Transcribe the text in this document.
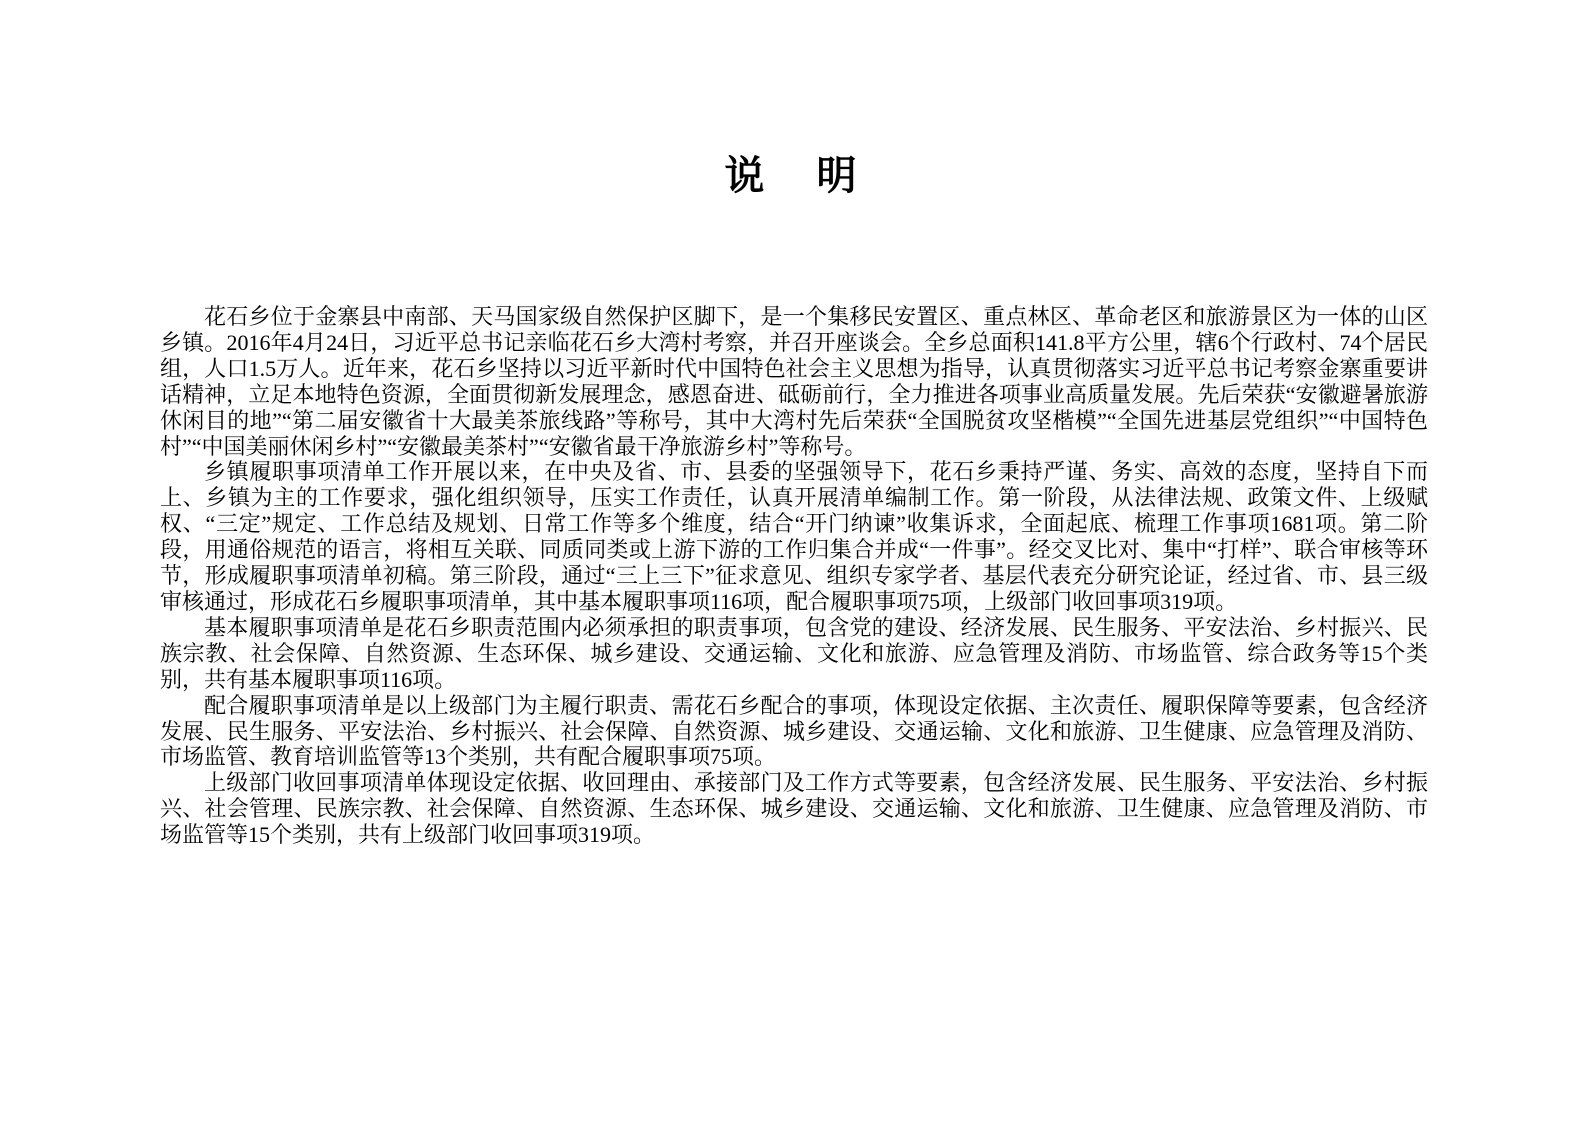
说　明

花石乡位于金寨县中南部、天马国家级自然保护区脚下，是一个集移民安置区、重点林区、革命老区和旅游景区为一体的山区乡镇。2016年4月24日，习近平总书记亲临花石乡大湾村考察，并召开座谈会。全乡总面积141.8平方公里，辖6个行政村、74个居民组，人口1.5万人。近年来，花石乡坚持以习近平新时代中国特色社会主义思想为指导，认真贯彻落实习近平总书记考察金寨重要讲话精神，立足本地特色资源，全面贯彻新发展理念，感恩奋进、砥砺前行，全力推进各项事业高质量发展。先后荣获“安徽避暑旅游休闲目的地”“第二届安徽省十大最美茶旅线路”等称号，其中大湾村先后荣获“全国脱贫攻坚楷模”“全国先进基层党组织”“中国特色村”“中国美丽休闲乡村”“安徽最美茶村”“安徽省最干净旅游乡村”等称号。

乡镇履职事项清单工作开展以来，在中央及省、市、县委的坚强领导下，花石乡秉持严谨、务实、高效的态度，坚持自下而上、乡镇为主的工作要求，强化组织领导，压实工作责任，认真开展清单编制工作。第一阶段，从法律法规、政策文件、上级赋权、“三定”规定、工作总结及规划、日常工作等多个维度，结合“开门纳谏”收集诉求，全面起底、梳理工作事项1681项。第二阶段，用通俗规范的语言，将相互关联、同质同类或上游下游的工作归集合并成“一件事”。经交叉比对、集中“打样”、联合审核等环节，形成履职事项清单初稿。第三阶段，通过“三上三下”征求意见、组织专家学者、基层代表充分研究论证，经过省、市、县三级审核通过，形成花石乡履职事项清单，其中基本履职事项116项，配合履职事项75项，上级部门收回事项319项。

基本履职事项清单是花石乡职责范围内必须承担的职责事项，包含党的建设、经济发展、民生服务、平安法治、乡村振兴、民族宗教、社会保障、自然资源、生态环保、城乡建设、交通运输、文化和旅游、应急管理及消防、市场监管、综合政务等15个类别，共有基本履职事项116项。

配合履职事项清单是以上级部门为主履行职责、需花石乡配合的事项，体现设定依据、主次责任、履职保障等要素，包含经济发展、民生服务、平安法治、乡村振兴、社会保障、自然资源、城乡建设、交通运输、文化和旅游、卫生健康、应急管理及消防、市场监管、教育培训监管等13个类别，共有配合履职事项75项。

上级部门收回事项清单体现设定依据、收回理由、承接部门及工作方式等要素，包含经济发展、民生服务、平安法治、乡村振兴、社会管理、民族宗教、社会保障、自然资源、生态环保、城乡建设、交通运输、文化和旅游、卫生健康、应急管理及消防、市场监管等15个类别，共有上级部门收回事项319项。
